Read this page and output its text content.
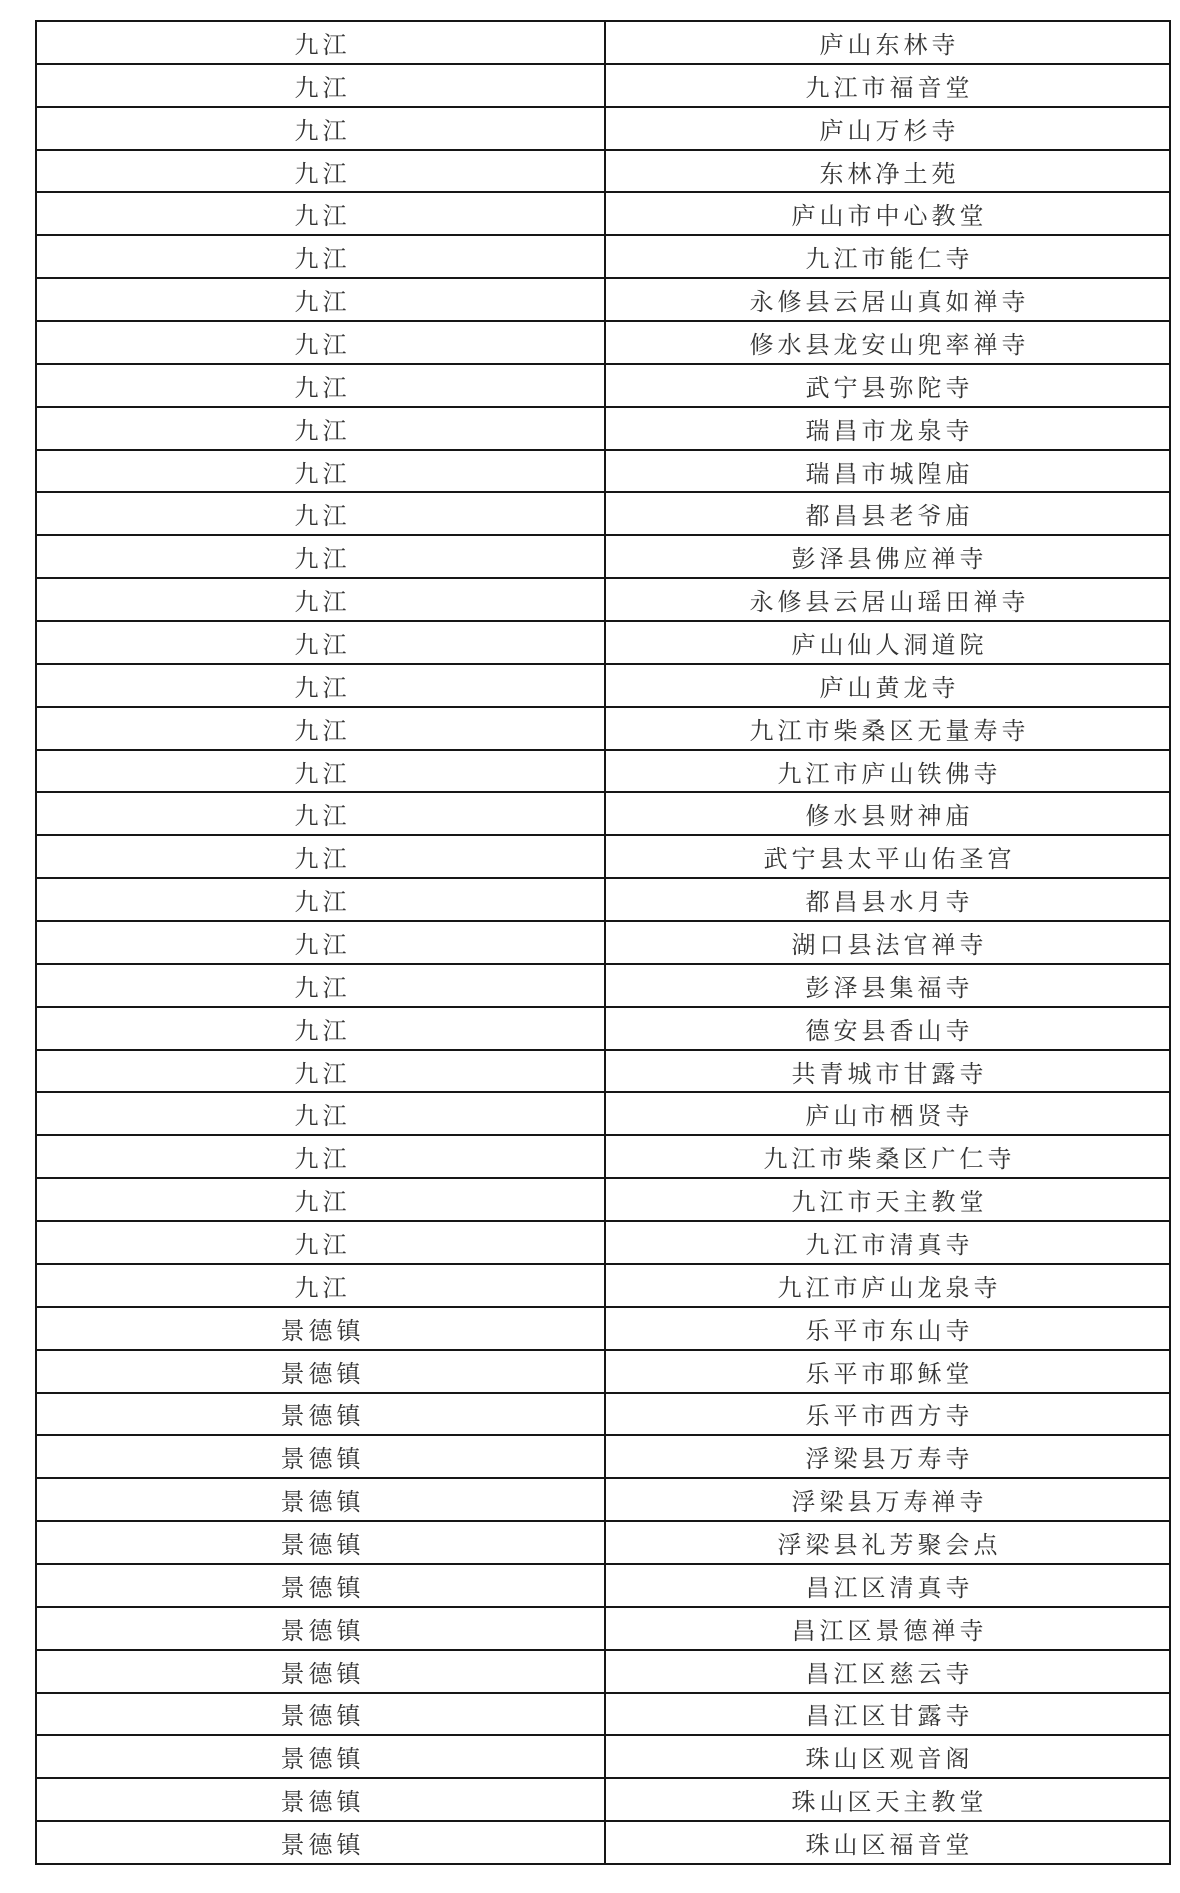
九江	庐山东林寺
九江	九江市福音堂
九江	庐山万杉寺
九江	东林净土苑
九江	庐山市中心教堂
九江	九江市能仁寺
九江	永修县云居山真如禅寺
九江	修水县龙安山兜率禅寺
九江	武宁县弥陀寺
九江	瑞昌市龙泉寺
九江	瑞昌市城隍庙
九江	都昌县老爷庙
九江	彭泽县佛应禅寺
九江	永修县云居山瑶田禅寺
九江	庐山仙人洞道院
九江	庐山黄龙寺
九江	九江市柴桑区无量寿寺
九江	九江市庐山铁佛寺
九江	修水县财神庙
九江	武宁县太平山佑圣宫
九江	都昌县水月寺
九江	湖口县法官禅寺
九江	彭泽县集福寺
九江	德安县香山寺
九江	共青城市甘露寺
九江	庐山市栖贤寺
九江	九江市柴桑区广仁寺
九江	九江市天主教堂
九江	九江市清真寺
九江	九江市庐山龙泉寺
景德镇	乐平市东山寺
景德镇	乐平市耶稣堂
景德镇	乐平市西方寺
景德镇	浮梁县万寿寺
景德镇	浮梁县万寿禅寺
景德镇	浮梁县礼芳聚会点
景德镇	昌江区清真寺
景德镇	昌江区景德禅寺
景德镇	昌江区慈云寺
景德镇	昌江区甘露寺
景德镇	珠山区观音阁
景德镇	珠山区天主教堂
景德镇	珠山区福音堂
